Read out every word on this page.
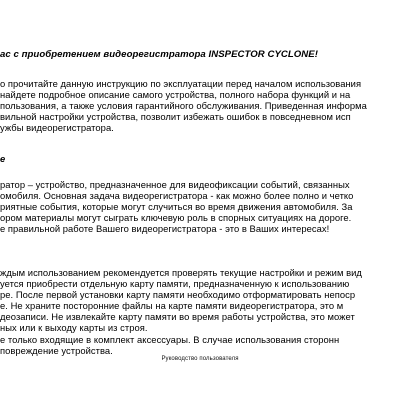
ас с приобретением видеорегистратора INSPECTOR CYCLONE!
о прочитайте данную инструкцию по эксплуатации перед началом использования
найдете подробное описание самого устройства, полного набора функций и на
пользования, а также условия гарантийного обслуживания. Приведенная информа
вильной настройки устройства, позволит избежать ошибок в повседневном исп
ужбы видеорегистратора.
е
ратор – устройство, предназначенное для видеофиксации событий, связанных
омобиля. Основная задача видеорегистратора - как можно более полно и четко
риятные события, которые могут случиться во время движения автомобиля. За
ором материалы могут сыграть ключевую роль в спорных ситуациях на дороге.
е правильной работе Вашего видеорегистратора - это в Ваших интересах!
ждым использованием рекомендуется проверять текущие настройки и режим вид
уется приобрести отдельную карту памяти, предназначенную к использованию
ре. После первой установки карту памяти необходимо отформатировать непоср
е. Не храните посторонние файлы на карте памяти видеорегистратора, это м
деозаписи. Не извлекайте карту памяти во время работы устройства, это может
ных или к выходу карты из строя.
е только входящие в комплект аксессуары. В случае использования сторонн
повреждение устройства.
Руководство пользователя
